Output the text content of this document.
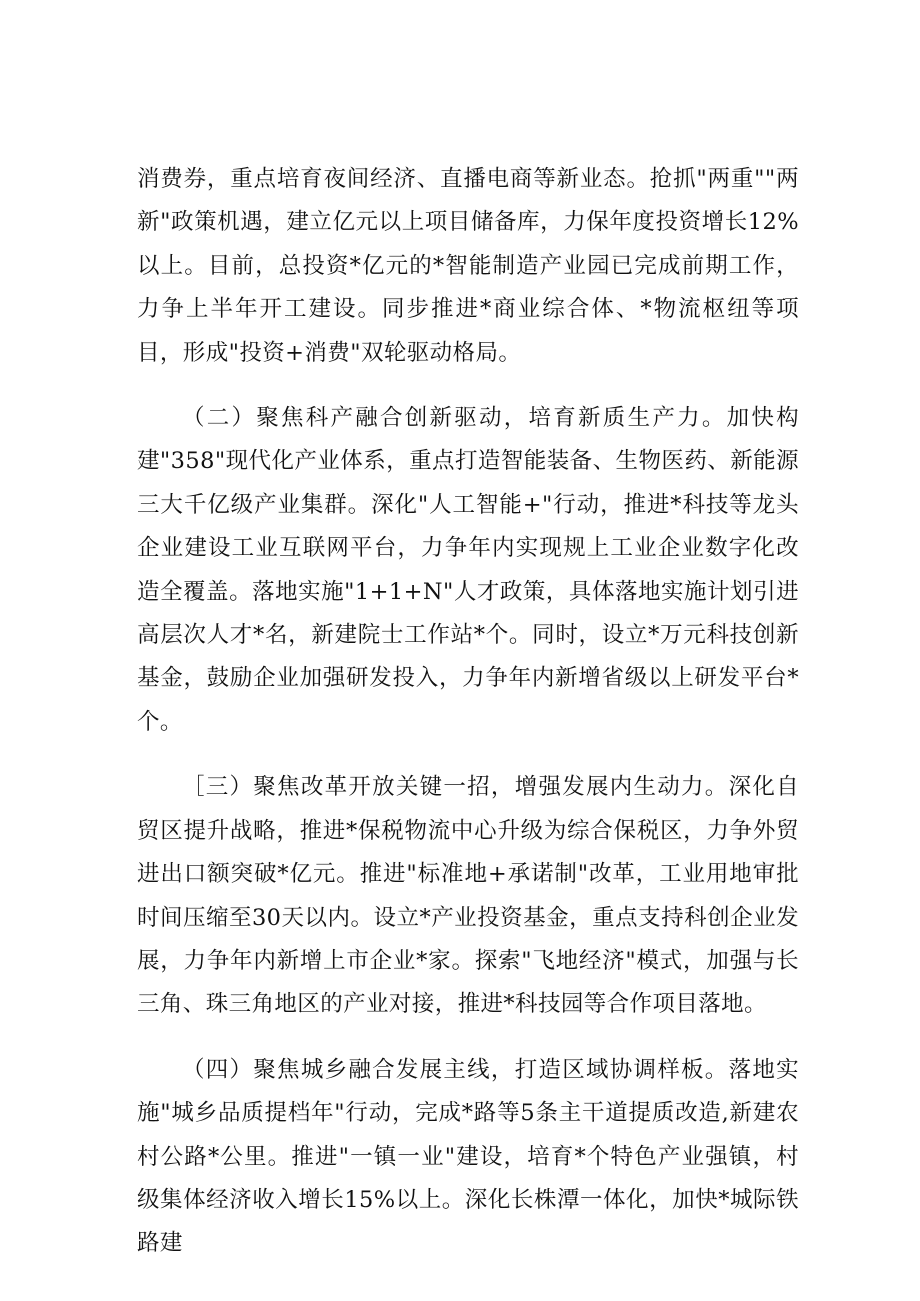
消费券，重点培育夜间经济、直播电商等新业态。抢抓"两重""两新"政策机遇，建立亿元以上项目储备库，力保年度投资增长12%以上。目前，总投资*亿元的*智能制造产业园已完成前期工作，力争上半年开工建设。同步推进*商业综合体、*物流枢纽等项目，形成"投资+消费"双轮驱动格局。

（二）聚焦科产融合创新驱动，培育新质生产力。加快构建"358"现代化产业体系，重点打造智能装备、生物医药、新能源三大千亿级产业集群。深化"人工智能+"行动，推进*科技等龙头企业建设工业互联网平台，力争年内实现规上工业企业数字化改造全覆盖。落地实施"1+1+N"人才政策，具体落地实施计划引进高层次人才*名，新建院士工作站*个。同时，设立*万元科技创新基金，鼓励企业加强研发投入，力争年内新增省级以上研发平台*个。

［三）聚焦改革开放关键一招，增强发展内生动力。深化自贸区提升战略，推进*保税物流中心升级为综合保税区，力争外贸进出口额突破*亿元。推进"标准地+承诺制"改革，工业用地审批时间压缩至30天以内。设立*产业投资基金，重点支持科创企业发展，力争年内新增上市企业*家。探索"飞地经济"模式，加强与长三角、珠三角地区的产业对接，推进*科技园等合作项目落地。

（四）聚焦城乡融合发展主线，打造区域协调样板。落地实施"城乡品质提档年"行动，完成*路等5条主干道提质改造,新建农村公路*公里。推进"一镇一业"建设，培育*个特色产业强镇，村级集体经济收入增长15%以上。深化长株潭一体化，加快*城际铁路建
